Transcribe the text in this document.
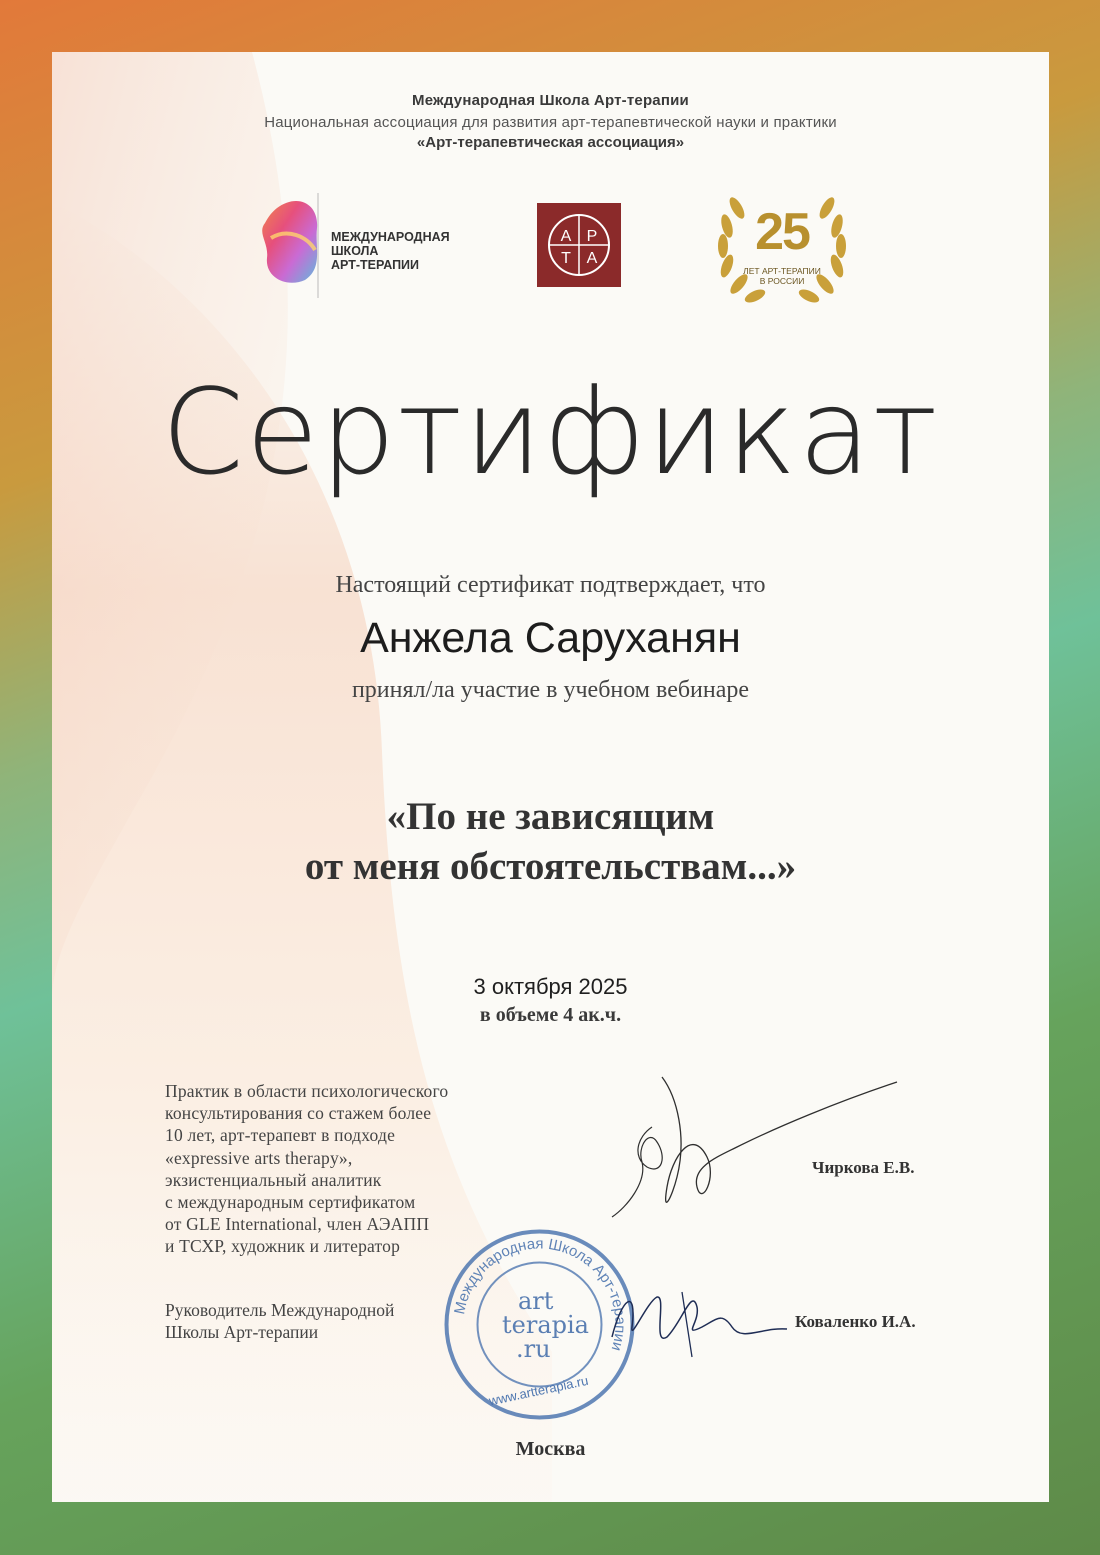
Международная Школа Арт-терапии
Национальная ассоциация для развития арт-терапевтической науки и практики
«Арт-терапевтическая ассоциация»
МЕЖДУНАРОДНАЯ
ШКОЛА
АРТ-ТЕРАПИИ
А Р
Т А	25
ЛЕТ АРТ-ТЕРАПИИ
В РОССИИ
Сертификат
Настоящий сертификат подтверждает, что
Анжела Саруханян
принял/ла участие в учебном вебинаре
«По не зависящим
от меня обстоятельствам...»
3 октября 2025
в объеме 4 ак.ч.
Практик в области психологического
консультирования со стажем более
10 лет, арт-терапевт в подходе
«expressive arts therapy»,
экзистенциальный аналитик
с международным сертификатом
от GLE International, член АЭАПП
и ТСХР, художник и литератор
Чиркова Е.В.
Руководитель Международной
Школы Арт-терапии
Международная Школа Арт-терапии
art
terapia
.ru
www.artterapia.ru
Коваленко И.А.
Москва
